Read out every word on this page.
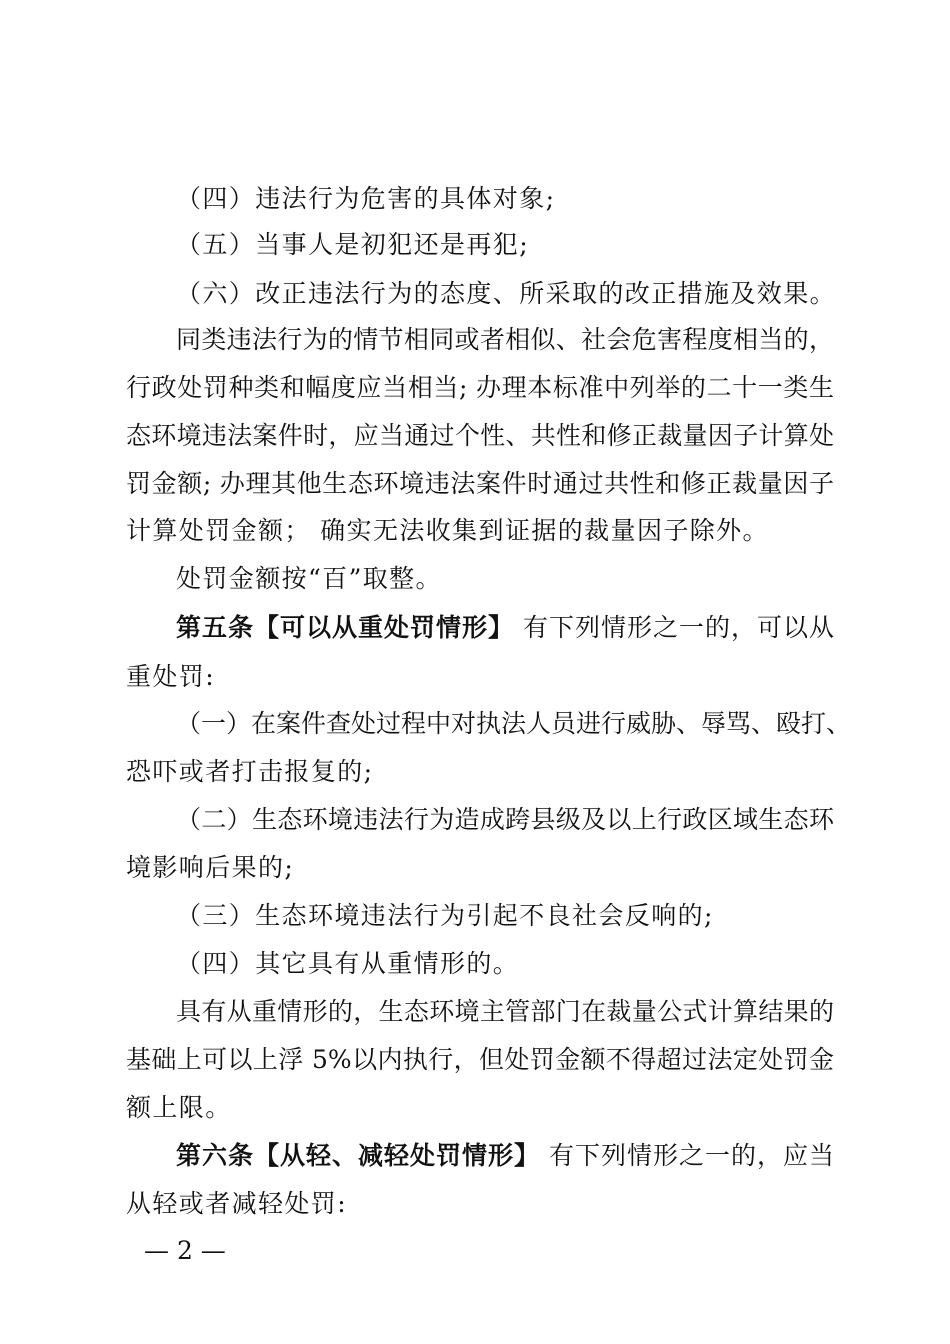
（四）违法行为危害的具体对象;
（五）当事人是初犯还是再犯;
（六）改正违法行为的态度、所采取的改正措施及效果。
同类违法行为的情节相同或者相似、社会危害程度相当的，
行政处罚种类和幅度应当相当; 办理本标准中列举的二十一类生
态环境违法案件时，应当通过个性、共性和修正裁量因子计算处
罚金额; 办理其他生态环境违法案件时通过共性和修正裁量因子
计算处罚金额； 确实无法收集到证据的裁量因子除外。
处罚金额按“百”取整。
第五条【可以从重处罚情形】 有下列情形之一的，可以从
重处罚:
（一）在案件查处过程中对执法人员进行威胁、辱骂、殴打、
恐吓或者打击报复的;
（二）生态环境违法行为造成跨县级及以上行政区域生态环
境影响后果的;
（三）生态环境违法行为引起不良社会反响的;
（四）其它具有从重情形的。
具有从重情形的，生态环境主管部门在裁量公式计算结果的
基础上可以上浮 5%以内执行，但处罚金额不得超过法定处罚金
额上限。
第六条【从轻、减轻处罚情形】 有下列情形之一的，应当
从轻或者减轻处罚:
— 2 —
